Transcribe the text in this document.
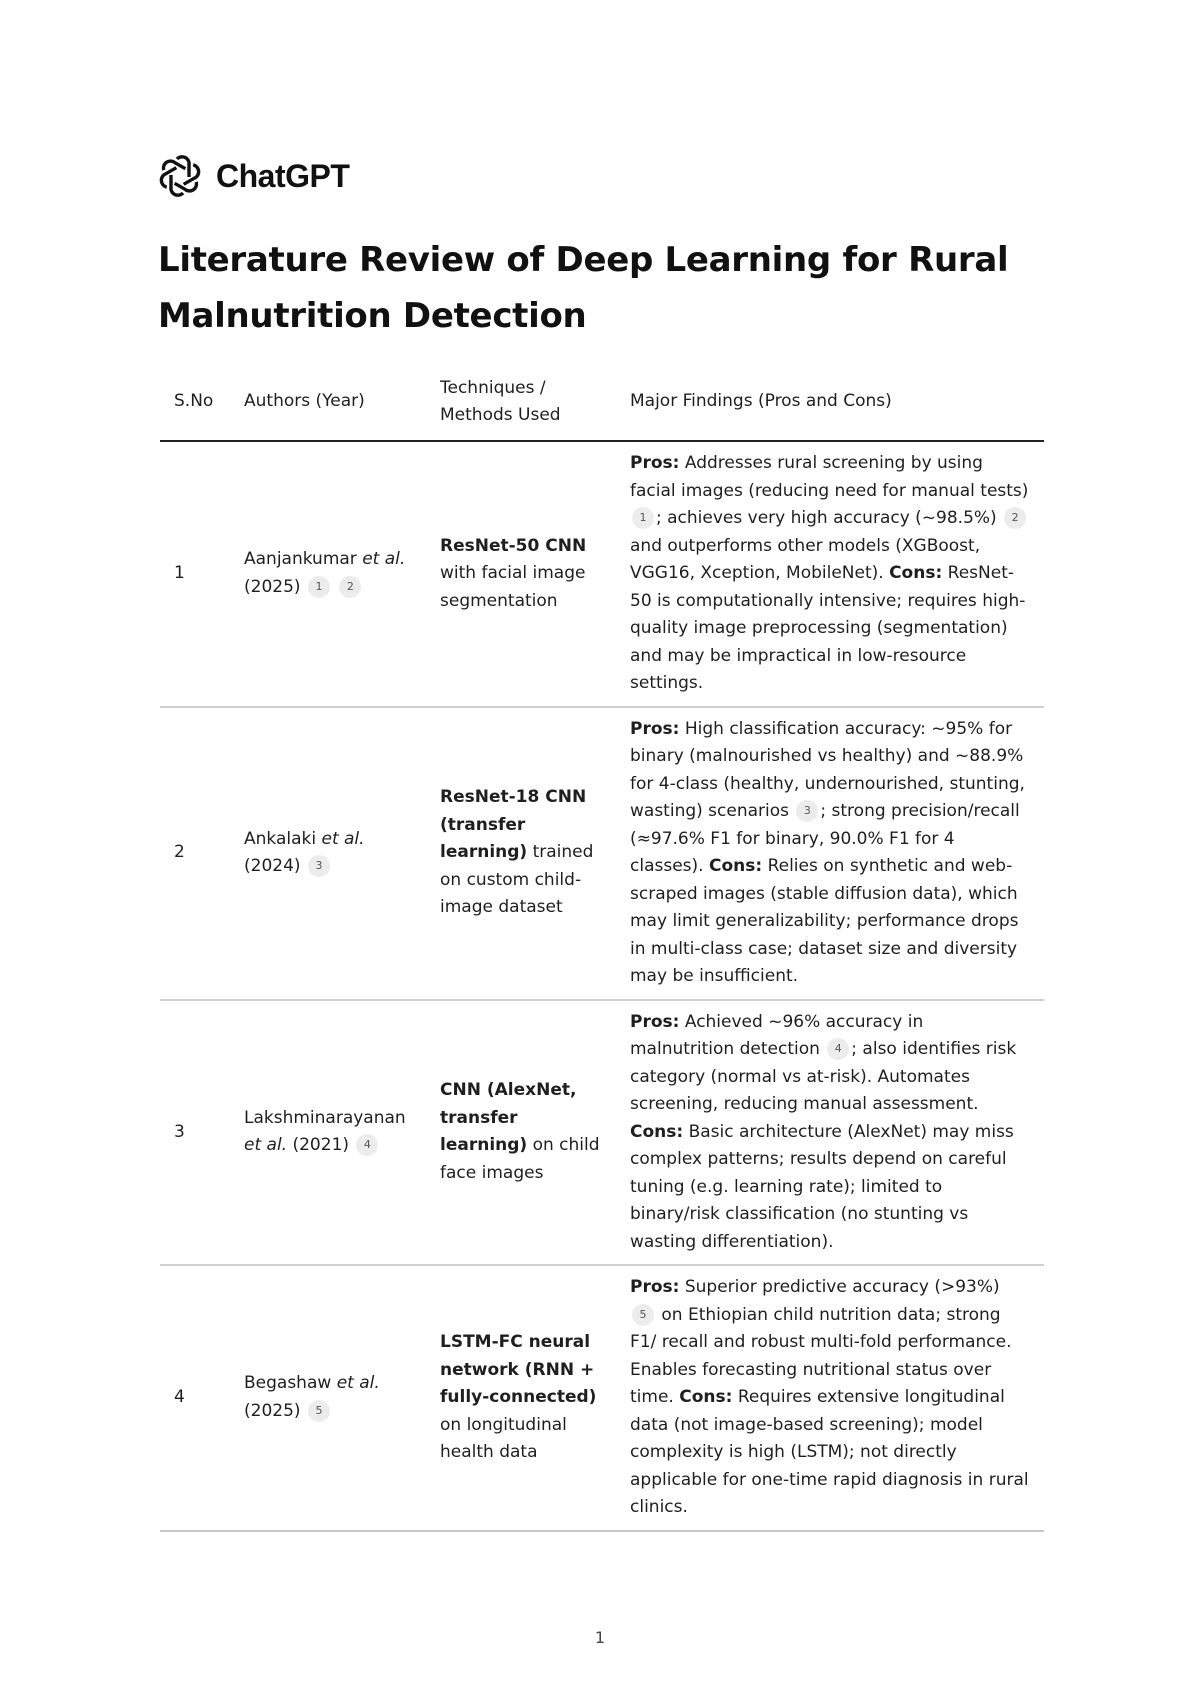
ChatGPT
Literature Review of Deep Learning for Rural Malnutrition Detection
S.No	Authors (Year)	Techniques / Methods Used	Major Findings (Pros and Cons)
1	Aanjankumar et al. (2025) 1 2	ResNet-50 CNN with facial image segmentation	Pros: Addresses rural screening by using facial images (reducing need for manual tests) 1 ; achieves very high accuracy (~98.5%) 2 and outperforms other models (XGBoost, VGG16, Xception, MobileNet). Cons: ResNet-50 is computationally intensive; requires high-quality image preprocessing (segmentation) and may be impractical in low-resource settings.
2	Ankalaki et al. (2024) 3	ResNet-18 CNN (transfer learning) trained on custom child-image dataset	Pros: High classification accuracy: ~95% for binary (malnourished vs healthy) and ~88.9% for 4-class (healthy, undernourished, stunting, wasting) scenarios 3 ; strong precision/recall (≈97.6% F1 for binary, 90.0% F1 for 4 classes). Cons: Relies on synthetic and web-scraped images (stable diffusion data), which may limit generalizability; performance drops in multi-class case; dataset size and diversity may be insufficient.
3	Lakshminarayanan et al. (2021) 4	CNN (AlexNet, transfer learning) on child face images	Pros: Achieved ~96% accuracy in malnutrition detection 4 ; also identifies risk category (normal vs at-risk). Automates screening, reducing manual assessment. Cons: Basic architecture (AlexNet) may miss complex patterns; results depend on careful tuning (e.g. learning rate); limited to binary/risk classification (no stunting vs wasting differentiation).
4	Begashaw et al. (2025) 5	LSTM-FC neural network (RNN + fully-connected) on longitudinal health data	Pros: Superior predictive accuracy (>93%) 5 on Ethiopian child nutrition data; strong F1/ recall and robust multi-fold performance. Enables forecasting nutritional status over time. Cons: Requires extensive longitudinal data (not image-based screening); model complexity is high (LSTM); not directly applicable for one-time rapid diagnosis in rural clinics.
1
